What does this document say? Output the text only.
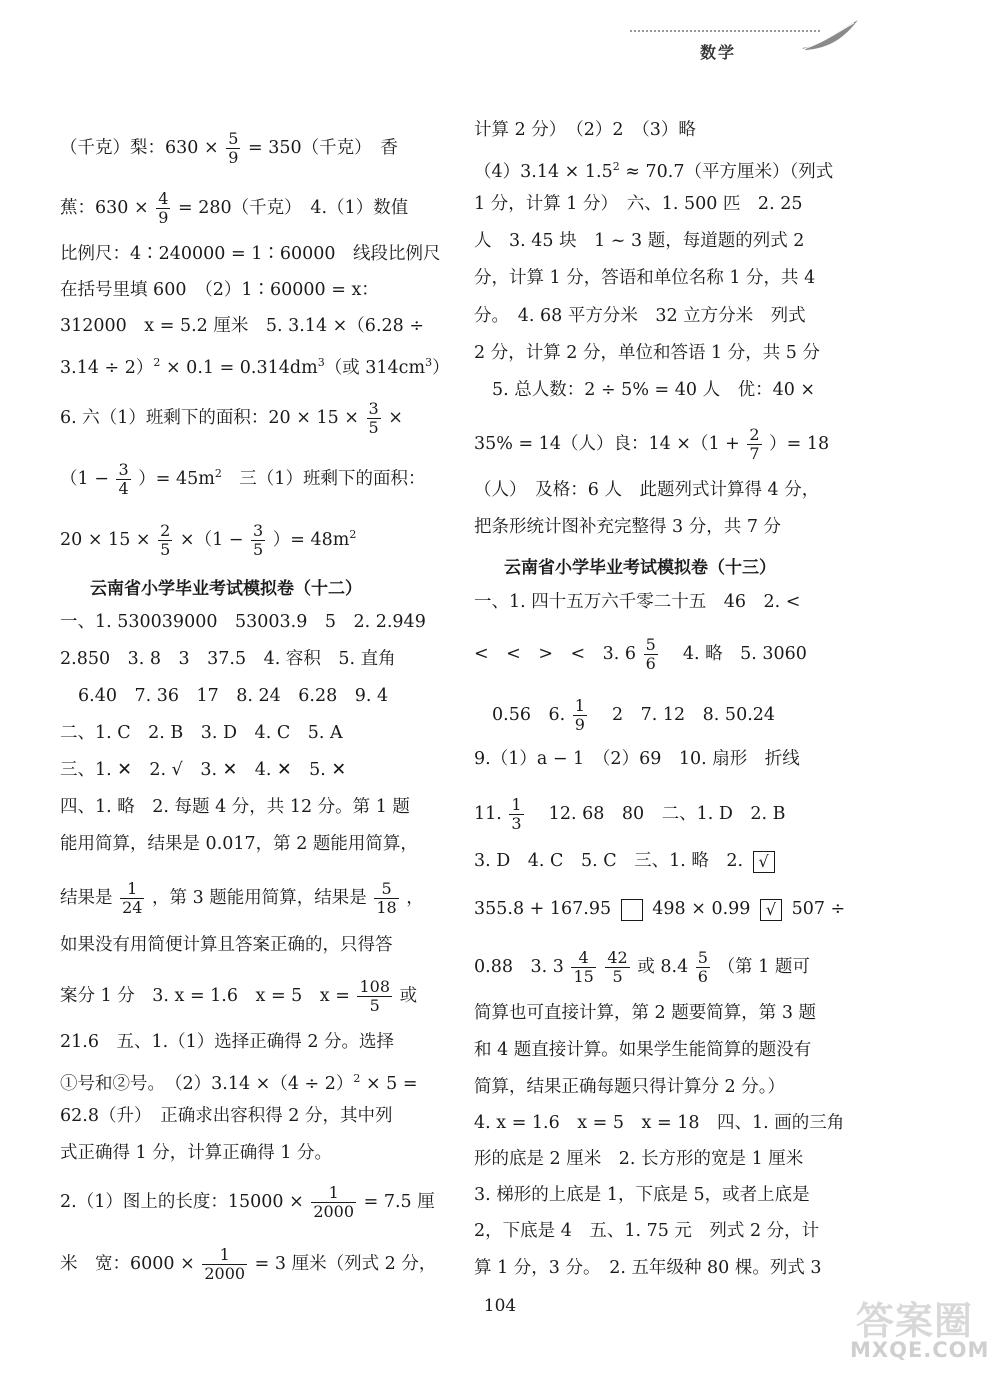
数学
（千克）梨：$630 \times \frac{5}{9} = 350$（千克）　香
蕉：$630 \times \frac{4}{9} = 280$（千克）　4.（1）数值
比例尺：4∶240000 = 1∶60000　线段比例尺
在括号里填 600　（2）1∶60000 = x：
312000　x = 5.2 厘米　5. 3.14 ×（6.28 ÷
$3.14 \div 2)^2 \times 0.1 = 0.314dm^3$（或 $314cm^3$）
6. 六（1）班剩下的面积：$20 \times 15 \times \frac{3}{5}$ ×
（$1 - \frac{3}{4}$ ）= $45m^2$　三（1）班剩下的面积：
$20 \times 15 \times \frac{2}{5} \times(1 - \frac{3}{5}$ ）= $48m^2$
云南省小学毕业考试模拟卷（十二）
一、1. 530039000　53003.9　5　2. 2.949
2.850　3. 8　3　37.5　4. 容积　5. 直角
6.40　7. 36　17　8. 24　6.28　9. 4
二、1. C　2. B　3. D　4. C　5. A
三、1. ✕　2. √　3. ✕　4. ✕　5. ✕
四、1. 略　2. 每题 4 分，共 12 分。第 1 题
能用简算，结果是 0.017，第 2 题能用简算，
结果是 $\frac{1}{24}$ ，第 3 题能用简算，结果是 $\frac{5}{18}$ ，
如果没有用简便计算且答案正确的，只得答
案分 1 分　3. x = 1.6　x = 5　$x = \frac{108}{5}$ 或
21.6　五、1.（1）选择正确得 2 分。选择
①号和②号。　$(2)3.14 \times(4 \div 2)^2 \times 5$ =
62.8（升）　正确求出容积得 2 分，其中列
式正确得 1 分，计算正确得 1 分。
2.（1）图上的长度：$15000 \times \frac{1}{2000} = 7.5$ 厘
米　宽：$6000 \times \frac{1}{2000} = 3$ 厘米（列式 2 分，
计算 2 分）　（2）2　（3）略
$(4)3.14 \times 1.5^2 \approx 70.7$（平方厘米）（列式
1 分，计算 1 分）　六、1. 500 匹　2. 25
人　3. 45 块　1 ~ 3 题，每道题的列式 2
分，计算 1 分，答语和单位名称 1 分，共 4
分。　4. 68 平方分米　32 立方分米　列式
2 分，计算 2 分，单位和答语 1 分，共 5 分
5. 总人数：2 ÷ 5% = 40 人　优：40 ×
35% = 14（人）良：$14 \times(1 + \frac{2}{7}$ ）= 18
（人）　及格：6 人　此题列式计算得 4 分，
把条形统计图补充完整得 3 分，共 7 分
云南省小学毕业考试模拟卷（十三）
一、1. 四十五万六千零二十五　46　2. <
<　<　>　<　3. $6 \frac{5}{6}$ 　4. 略　5. 3060
0.56　6. $\frac{1}{9}$ 　2　7. 12　8. 50.24
9.（1）a − 1　（2）69　10. 扇形　折线
11. $\frac{1}{3}$ 　12. 68　80　二、1. D　2. B
3. D　4. C　5. C　三、1. 略　2. √
355.8 + 167.95 498 × 0.99 √ 507 ÷
0.88　3. $3 \frac{4}{15}$
$\frac{42}{5}$ 或 $8.4 \frac{5}{6}$ （第 1 题可
简算也可直接计算，第 2 题要简算，第 3 题
和 4 题直接计算。如果学生能简算的题没有
简算，结果正确每题只得计算分 2 分。）
4. x = 1.6　x = 5　x = 18　四、1. 画的三角
形的底是 2 厘米　2. 长方形的宽是 1 厘米
3. 梯形的上底是 1，下底是 5，或者上底是
2，下底是 4　五、1. 75 元　列式 2 分，计
算 1 分，3 分。　2. 五年级种 80 棵。列式 3
104	答案圈
MXQE.COM
